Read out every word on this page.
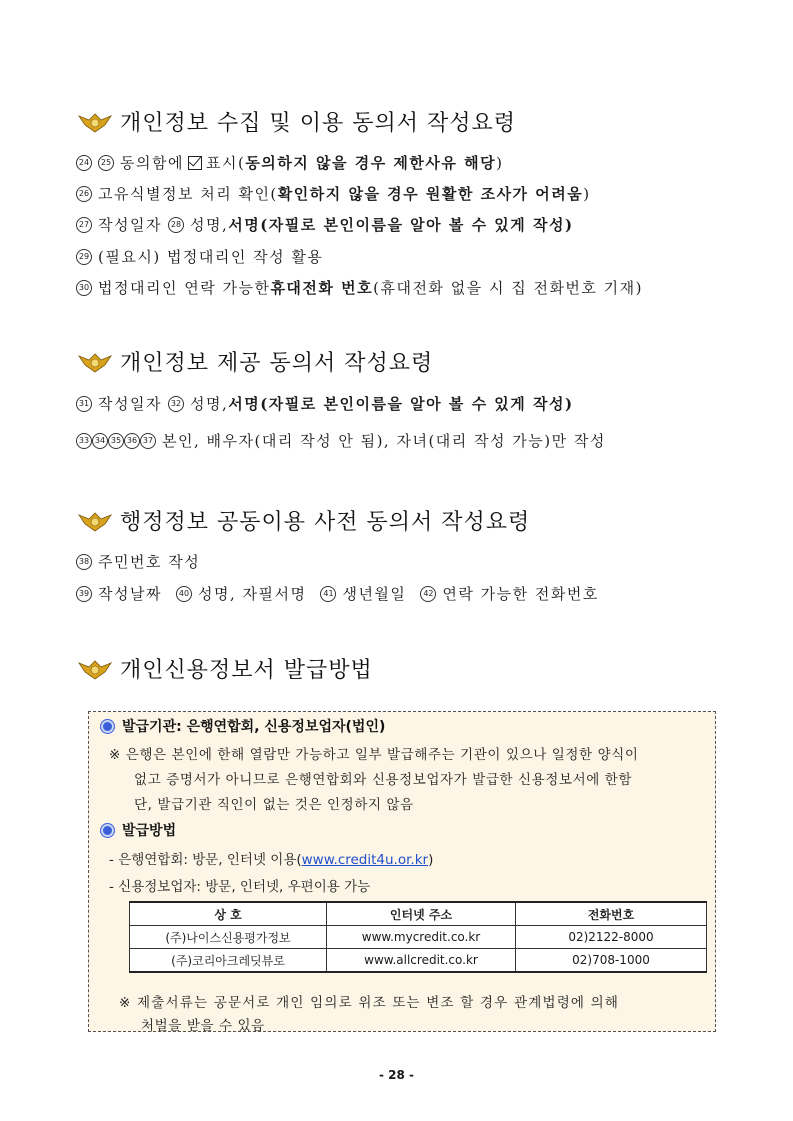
개인정보 수집 및 이용 동의서 작성요령
24	25 동의함에 표시( 동의하지 않을 경우 제한사유 해당 )
26 고유식별정보 처리 확인( 확인하지 않을 경우 원활한 조사가 어려움 )
27 작성일자	28 성명, 서명(자필로 본인이름을 알아 볼 수 있게 작성)
29 (필요시) 법정대리인 작성 활용
30 법정대리인 연락 가능한 휴대전화 번호 (휴대전화 없을 시 집 전화번호 기재)
개인정보 제공 동의서 작성요령
31 작성일자	32 성명, 서명(자필로 본인이름을 알아 볼 수 있게 작성)
33 34 35 36 37 본인, 배우자(대리 작성 안 됨), 자녀(대리 작성 가능)만 작성
행정정보 공동이용 사전 동의서 작성요령
38 주민번호 작성
39 작성날짜	40 성명, 자필서명	41 생년월일	42 연락 가능한 전화번호
개인신용정보서 발급방법
발급기관: 은행연합회, 신용정보업자(법인)
※ 은행은 본인에 한해 열람만 가능하고 일부 발급해주는 기관이 있으나 일정한 양식이
없고 증명서가 아니므로 은행연합회와 신용정보업자가 발급한 신용정보서에 한함
단, 발급기관 직인이 없는 것은 인정하지 않음
발급방법
- 은행연합회: 방문, 인터넷 이용(www.credit4u.or.kr)
- 신용정보업자: 방문, 인터넷, 우편이용 가능
상 호	인터넷 주소	전화번호
(주)나이스신용평가정보	www.mycredit.co.kr	02)2122-8000
(주)코리아크레딧뷰로	www.allcredit.co.kr	02)708-1000
※ 제출서류는 공문서로 개인 임의로 위조 또는 변조 할 경우 관계법령에 의해
처벌을 받을 수 있음
- 28 -
